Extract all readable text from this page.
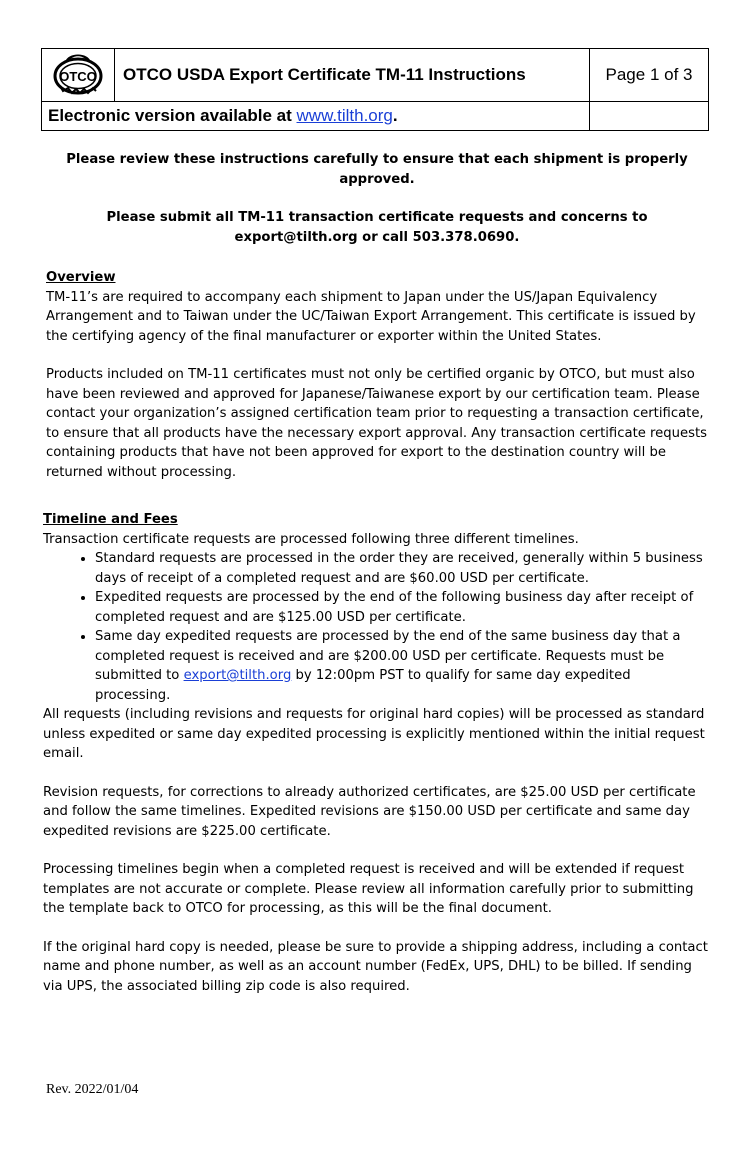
OTCO	OTCO USDA Export Certificate TM-11 Instructions	Page 1 of 3
Electronic version available at www.tilth.org.		

Please review these instructions carefully to ensure that each shipment is properly approved.

Please submit all TM-11 transaction certificate requests and concerns to export@tilth.org or call 503.378.0690.

Overview

TM-11’s are required to accompany each shipment to Japan under the US/Japan Equivalency Arrangement and to Taiwan under the UC/Taiwan Export Arrangement. This certificate is issued by the certifying agency of the final manufacturer or exporter within the United States.

Products included on TM-11 certificates must not only be certified organic by OTCO, but must also have been reviewed and approved for Japanese/Taiwanese export by our certification team. Please contact your organization’s assigned certification team prior to requesting a transaction certificate, to ensure that all products have the necessary export approval. Any transaction certificate requests containing products that have not been approved for export to the destination country will be returned without processing.

Timeline and Fees

Transaction certificate requests are processed following three different timelines.

• Standard requests are processed in the order they are received, generally within 5 business days of receipt of a completed request and are $60.00 USD per certificate.
• Expedited requests are processed by the end of the following business day after receipt of completed request and are $125.00 USD per certificate.
• Same day expedited requests are processed by the end of the same business day that a completed request is received and are $200.00 USD per certificate. Requests must be submitted to export@tilth.org by 12:00pm PST to qualify for same day expedited processing.

All requests (including revisions and requests for original hard copies) will be processed as standard unless expedited or same day expedited processing is explicitly mentioned within the initial request email.

Revision requests, for corrections to already authorized certificates, are $25.00 USD per certificate and follow the same timelines. Expedited revisions are $150.00 USD per certificate and same day expedited revisions are $225.00 certificate.

Processing timelines begin when a completed request is received and will be extended if request templates are not accurate or complete. Please review all information carefully prior to submitting the template back to OTCO for processing, as this will be the final document.

If the original hard copy is needed, please be sure to provide a shipping address, including a contact name and phone number, as well as an account number (FedEx, UPS, DHL) to be billed. If sending via UPS, the associated billing zip code is also required.

Rev. 2022/01/04
